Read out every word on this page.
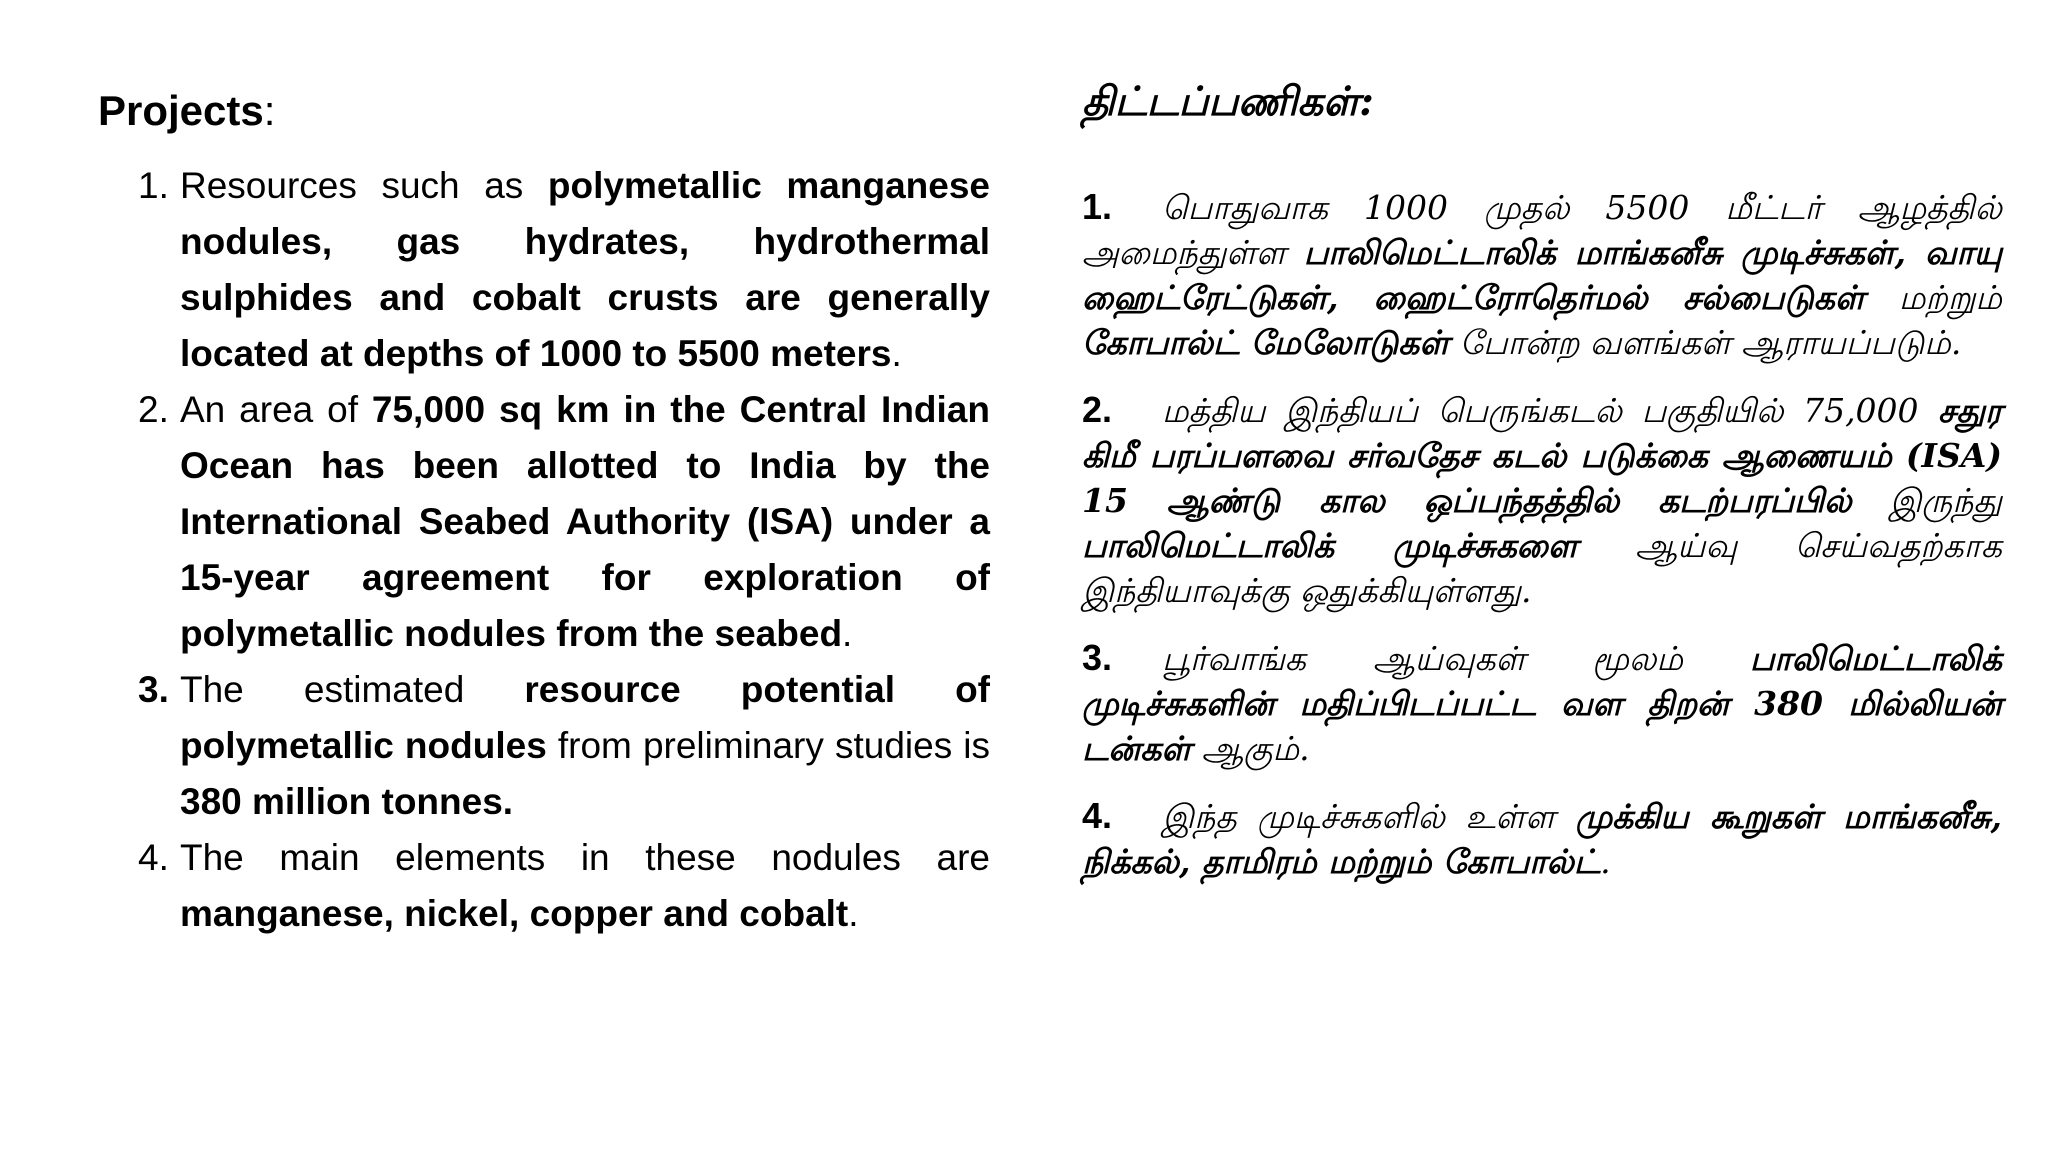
Projects:
1. Resources such as polymetallic manganese nodules, gas hydrates, hydrothermal sulphides and cobalt crusts are generally located at depths of 1000 to 5500 meters.
2. An area of 75,000 sq km in the Central Indian Ocean has been allotted to India by the International Seabed Authority (ISA) under a 15-year agreement for exploration of polymetallic nodules from the seabed.
3. The estimated resource potential of polymetallic nodules from preliminary studies is 380 million tonnes.
4. The main elements in these nodules are manganese, nickel, copper and cobalt.
திட்டப்பணிகள்:
1. பொதுவாக 1000 முதல் 5500 மீட்டர் ஆழத்தில் அமைந்துள்ள பாலிமெட்டாலிக் மாங்கனீசு முடிச்சுகள், வாயு ஹைட்ரேட்டுகள், ஹைட்ரோதெர்மல் சல்பைடுகள் மற்றும் கோபால்ட் மேலோடுகள் போன்ற வளங்கள் ஆராயப்படும்.
2. மத்திய இந்தியப் பெருங்கடல் பகுதியில் 75,000 சதுர கிமீ பரப்பளவை சர்வதேச கடல் படுக்கை ஆணையம் (ISA) 15 ஆண்டு கால ஒப்பந்தத்தில் கடற்பரப்பில் இருந்து பாலிமெட்டாலிக் முடிச்சுகளை ஆய்வு செய்வதற்காக இந்தியாவுக்கு ஒதுக்கியுள்ளது.
3. பூர்வாங்க ஆய்வுகள் மூலம் பாலிமெட்டாலிக் முடிச்சுகளின் மதிப்பிடப்பட்ட வள திறன் 380 மில்லியன் டன்கள் ஆகும்.
4. இந்த முடிச்சுகளில் உள்ள முக்கிய கூறுகள் மாங்கனீசு, நிக்கல், தாமிரம் மற்றும் கோபால்ட்.
